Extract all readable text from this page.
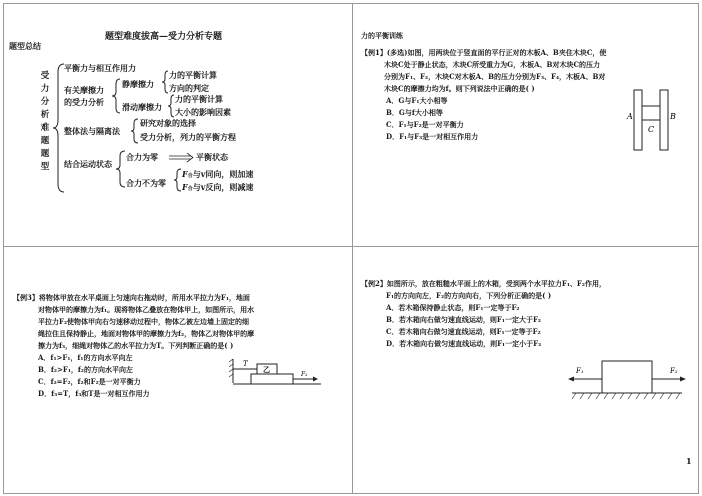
题型难度拔高—受力分析专题
题型总结
受
力
分
析
难
题
题
型
平衡力与相互作用力
有关摩擦力
的受力分析
静摩擦力
力的平衡计算
方向的判定
滑动摩擦力
力的平衡计算
大小的影响因素
整体法与隔离法
研究对象的选择
受力分析，列力的平衡方程
结合运动状态
合力为零	平衡状态
合力不为零
F合与v同向，则加速
F合与v反向，则减速
力的平衡训练
【例1】(多选)如图，用两块位于竖直面的平行正对的木板A、B夹住木块C，使
木块C处于静止状态，木块C所受重力为G，木板A、B对木块C的压力
分别为F₁、F₂，木块C对木板A、B的压力分别为F₃、F₄，木板A、B对
木块C的摩擦力均为f。则下列说法中正确的是( )
A．G与F₁大小相等
B．G与f大小相等
C．F₁与F₂是一对平衡力
D．F₁与F₃是一对相互作用力
A	B
C
【例3】将物体甲放在水平桌面上匀速向右拖动时，所用水平拉力为F₁，地面
对物体甲的摩擦力为f₁。现将物体乙叠放在物体甲上，如图所示，用水
平拉力F₂使物体甲向右匀速移动过程中，物体乙被左边墙上固定的细
绳拉住且保持静止，地面对物体甲的摩擦力为f₂，物体乙对物体甲的摩
擦力为f₃，细绳对物体乙的水平拉力为T。下列判断正确的是( )
A．f₁>F₁，f₁的方向水平向左
B．f₂>F₁，f₂的方向水平向左
C．f₂=F₂，f₂和F₂是一对平衡力
D．f₃=T，f₃和T是一对相互作用力
乙
T
F₂
【例2】如图所示，放在粗糙水平面上的木箱，受到两个水平拉力F₁、F₂作用，
F₁的方向向左，F₂的方向向右，下列分析正确的是( )
A．若木箱保持静止状态，则F₁一定等于F₂
B．若木箱向右做匀速直线运动，则F₁一定大于F₂
C．若木箱向右做匀速直线运动，则F₁一定等于F₂
D．若木箱向右做匀速直线运动，则F₁一定小于F₂
F₁	F₂
1
